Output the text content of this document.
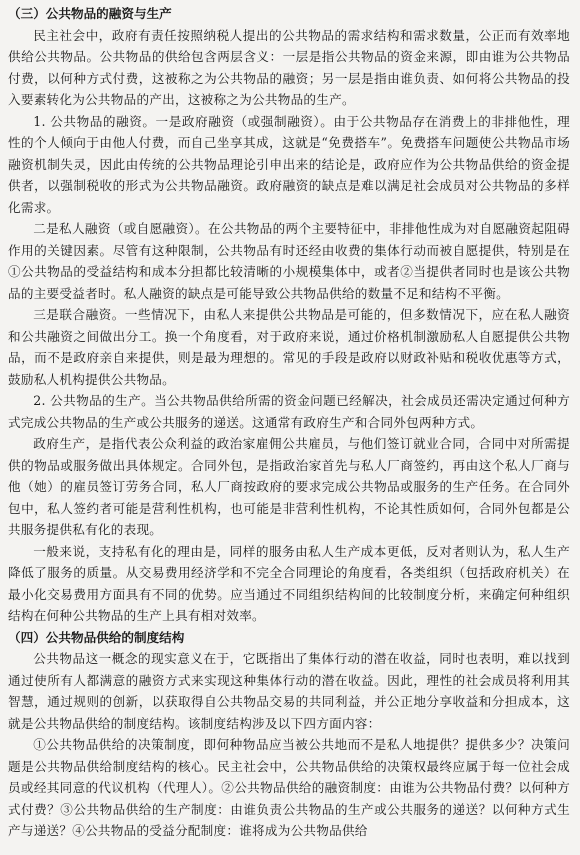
（三）公共物品的融资与生产

民主社会中，政府有责任按照纳税人提出的公共物品的需求结构和需求数量，公正而有效率地供给公共物品。公共物品的供给包含两层含义：一层是指公共物品的资金来源，即由谁为公共物品付费，以何种方式付费，这被称之为公共物品的融资；另一层是指由谁负责、如何将公共物品的投入要素转化为公共物品的产出，这被称之为公共物品的生产。

1. 公共物品的融资。一是政府融资（或强制融资）。由于公共物品存在消费上的非排他性，理性的个人倾向于由他人付费，而自己坐享其成，这就是“免费搭车”。免费搭车问题使公共物品市场融资机制失灵，因此由传统的公共物品理论引申出来的结论是，政府应作为公共物品供给的资金提供者，以强制税收的形式为公共物品融资。政府融资的缺点是难以满足社会成员对公共物品的多样化需求。

二是私人融资（或自愿融资）。在公共物品的两个主要特征中，非排他性成为对自愿融资起阻碍作用的关键因素。尽管有这种限制，公共物品有时还经由收费的集体行动而被自愿提供，特别是在①公共物品的受益结构和成本分担都比较清晰的小规模集体中，或者②当提供者同时也是该公共物品的主要受益者时。私人融资的缺点是可能导致公共物品供给的数量不足和结构不平衡。

三是联合融资。一些情况下，由私人来提供公共物品是可能的，但多数情况下，应在私人融资和公共融资之间做出分工。换一个角度看，对于政府来说，通过价格机制激励私人自愿提供公共物品，而不是政府亲自来提供，则是最为理想的。常见的手段是政府以财政补贴和税收优惠等方式，鼓励私人机构提供公共物品。

2. 公共物品的生产。当公共物品供给所需的资金问题已经解决，社会成员还需决定通过何种方式完成公共物品的生产或公共服务的递送。这通常有政府生产和合同外包两种方式。

政府生产，是指代表公众利益的政治家雇佣公共雇员，与他们签订就业合同，合同中对所需提供的物品或服务做出具体规定。合同外包，是指政治家首先与私人厂商签约，再由这个私人厂商与他（她）的雇员签订劳务合同，私人厂商按政府的要求完成公共物品或服务的生产任务。在合同外包中，私人签约者可能是营利性机构，也可能是非营利性机构，不论其性质如何，合同外包都是公共服务提供私有化的表现。

一般来说，支持私有化的理由是，同样的服务由私人生产成本更低，反对者则认为，私人生产降低了服务的质量。从交易费用经济学和不完全合同理论的角度看，各类组织（包括政府机关）在最小化交易费用方面具有不同的优势。应当通过不同组织结构间的比较制度分析，来确定何种组织结构在何种公共物品的生产上具有相对效率。

（四）公共物品供给的制度结构

公共物品这一概念的现实意义在于，它既指出了集体行动的潜在收益，同时也表明，难以找到通过使所有人都满意的融资方式来实现这种集体行动的潜在收益。因此，理性的社会成员将利用其智慧，通过规则的创新，以获取得自公共物品交易的共同利益，并公正地分享收益和分担成本，这就是公共物品供给的制度结构。该制度结构涉及以下四方面内容：

①公共物品供给的决策制度，即何种物品应当被公共地而不是私人地提供？提供多少？决策问题是公共物品供给制度结构的核心。民主社会中，公共物品供给的决策权最终应属于每一位社会成员或经其同意的代议机构（代理人）。②公共物品供给的融资制度：由谁为公共物品付费？以何种方式付费？③公共物品供给的生产制度：由谁负责公共物品的生产或公共服务的递送？以何种方式生产与递送？④公共物品的受益分配制度：谁将成为公共物品供给
